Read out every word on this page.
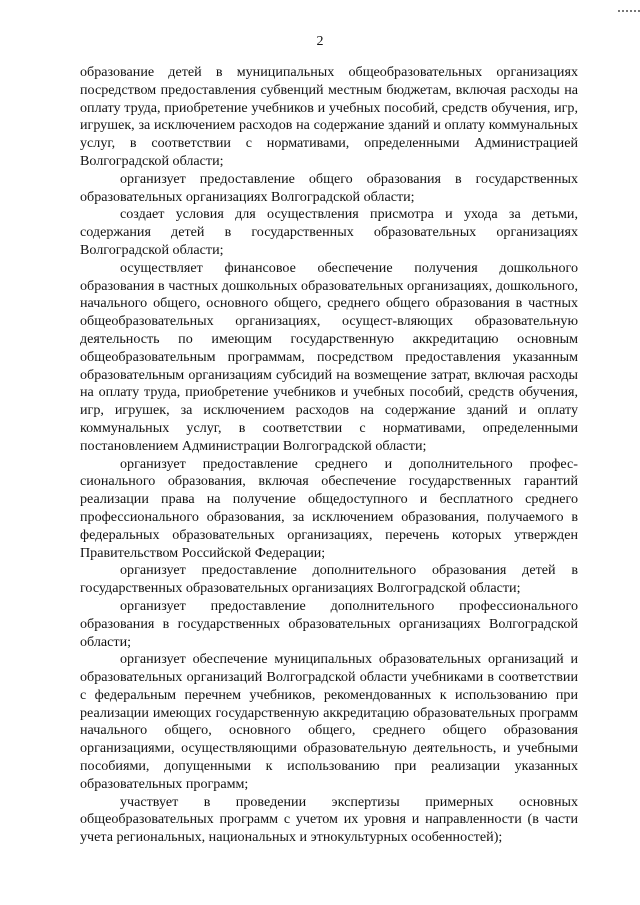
2

образование детей в муниципальных общеобразовательных организациях посредством предоставления субвенций местным бюджетам, включая расходы на оплату труда, приобретение учебников и учебных пособий, средств обучения, игр, игрушек, за исключением расходов на содержание зданий и оплату коммунальных услуг, в соответствии с нормативами, определенными Администрацией Волгоградской области;

организует предоставление общего образования в государственных образовательных организациях Волгоградской области;

создает условия для осуществления присмотра и ухода за детьми, содержания детей в государственных образовательных организациях Волгоградской области;

осуществляет финансовое обеспечение получения дошкольного образования в частных дошкольных образовательных организациях, дошкольного, начального общего, основного общего, среднего общего образования в частных общеобразовательных организациях, осущест-вляющих образовательную деятельность по имеющим государственную аккредитацию основным общеобразовательным программам, посредством предоставления указанным образовательным организациям субсидий на возмещение затрат, включая расходы на оплату труда, приобретение учебников и учебных пособий, средств обучения, игр, игрушек, за исключением расходов на содержание зданий и оплату коммунальных услуг, в соответствии с нормативами, определенными постановлением Администрации Волгоградской области;

организует предоставление среднего и дополнительного профес-сионального образования, включая обеспечение государственных гарантий реализации права на получение общедоступного и бесплатного среднего профессионального образования, за исключением образования, получаемого в федеральных образовательных организациях, перечень которых утвержден Правительством Российской Федерации;

организует предоставление дополнительного образования детей в государственных образовательных организациях Волгоградской области;

организует предоставление дополнительного профессионального образования в государственных образовательных организациях Волгоградской области;

организует обеспечение муниципальных образовательных организаций и образовательных организаций Волгоградской области учебниками в соответствии с федеральным перечнем учебников, рекомендованных к использованию при реализации имеющих государственную аккредитацию образовательных программ начального общего, основного общего, среднего общего образования организациями, осуществляющими образовательную деятельность, и учебными пособиями, допущенными к использованию при реализации указанных образовательных программ;

участвует в проведении экспертизы примерных основных общеобразовательных программ с учетом их уровня и направленности (в части учета региональных, национальных и этнокультурных особенностей);
